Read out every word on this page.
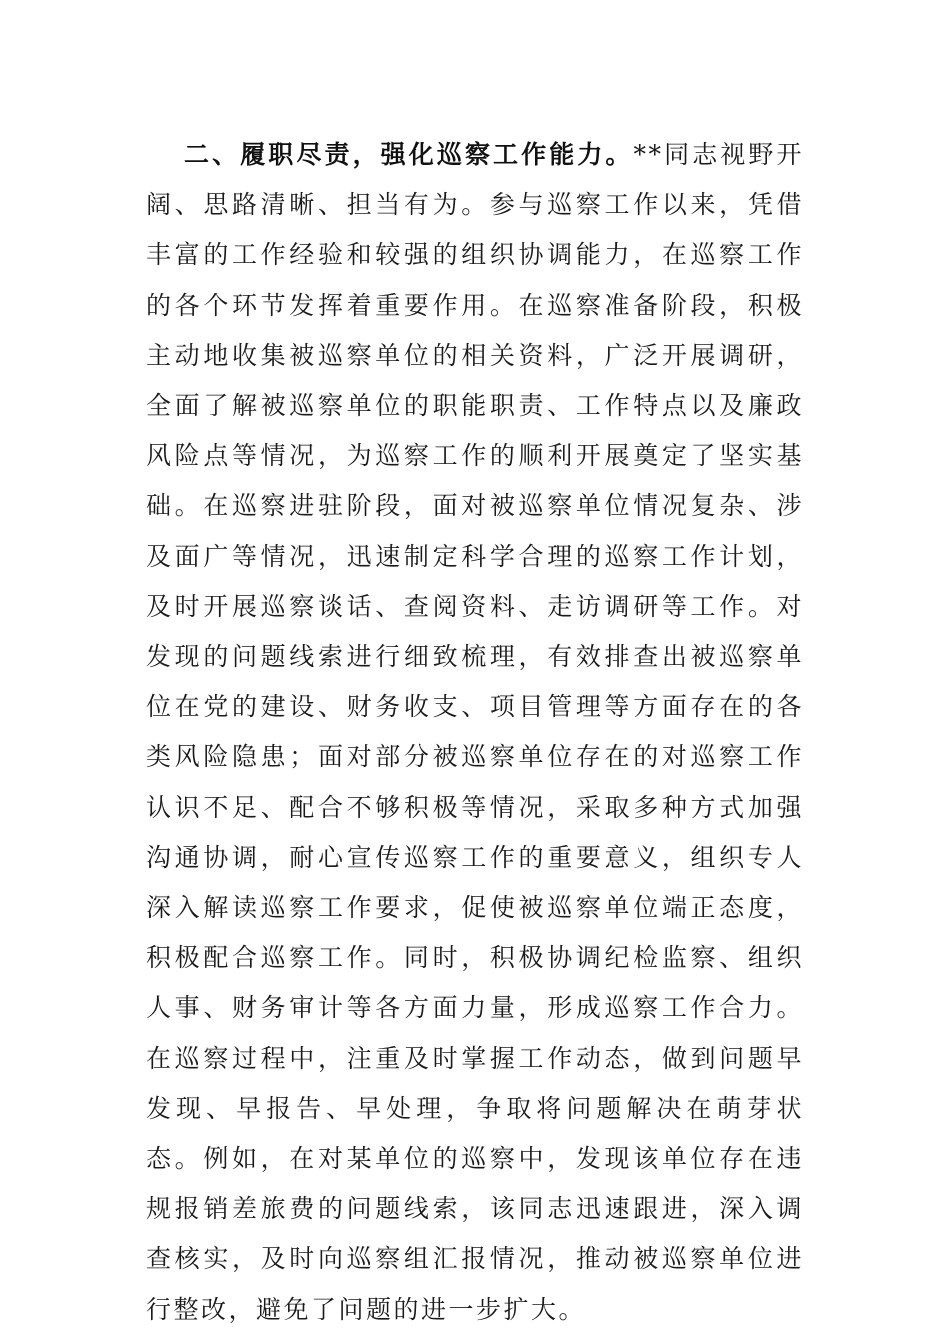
二、履职尽责，强化巡察工作能力。**同志视野开阔、思路清晰、担当有为。参与巡察工作以来，凭借丰富的工作经验和较强的组织协调能力，在巡察工作的各个环节发挥着重要作用。在巡察准备阶段，积极主动地收集被巡察单位的相关资料，广泛开展调研，全面了解被巡察单位的职能职责、工作特点以及廉政风险点等情况，为巡察工作的顺利开展奠定了坚实基础。在巡察进驻阶段，面对被巡察单位情况复杂、涉及面广等情况，迅速制定科学合理的巡察工作计划，及时开展巡察谈话、查阅资料、走访调研等工作。对发现的问题线索进行细致梳理，有效排查出被巡察单位在党的建设、财务收支、项目管理等方面存在的各类风险隐患；面对部分被巡察单位存在的对巡察工作认识不足、配合不够积极等情况，采取多种方式加强沟通协调，耐心宣传巡察工作的重要意义，组织专人深入解读巡察工作要求，促使被巡察单位端正态度，积极配合巡察工作。同时，积极协调纪检监察、组织人事、财务审计等各方面力量，形成巡察工作合力。在巡察过程中，注重及时掌握工作动态，做到问题早发现、早报告、早处理，争取将问题解决在萌芽状态。例如，在对某单位的巡察中，发现该单位存在违规报销差旅费的问题线索，该同志迅速跟进，深入调查核实，及时向巡察组汇报情况，推动被巡察单位进行整改，避免了问题的进一步扩大。
